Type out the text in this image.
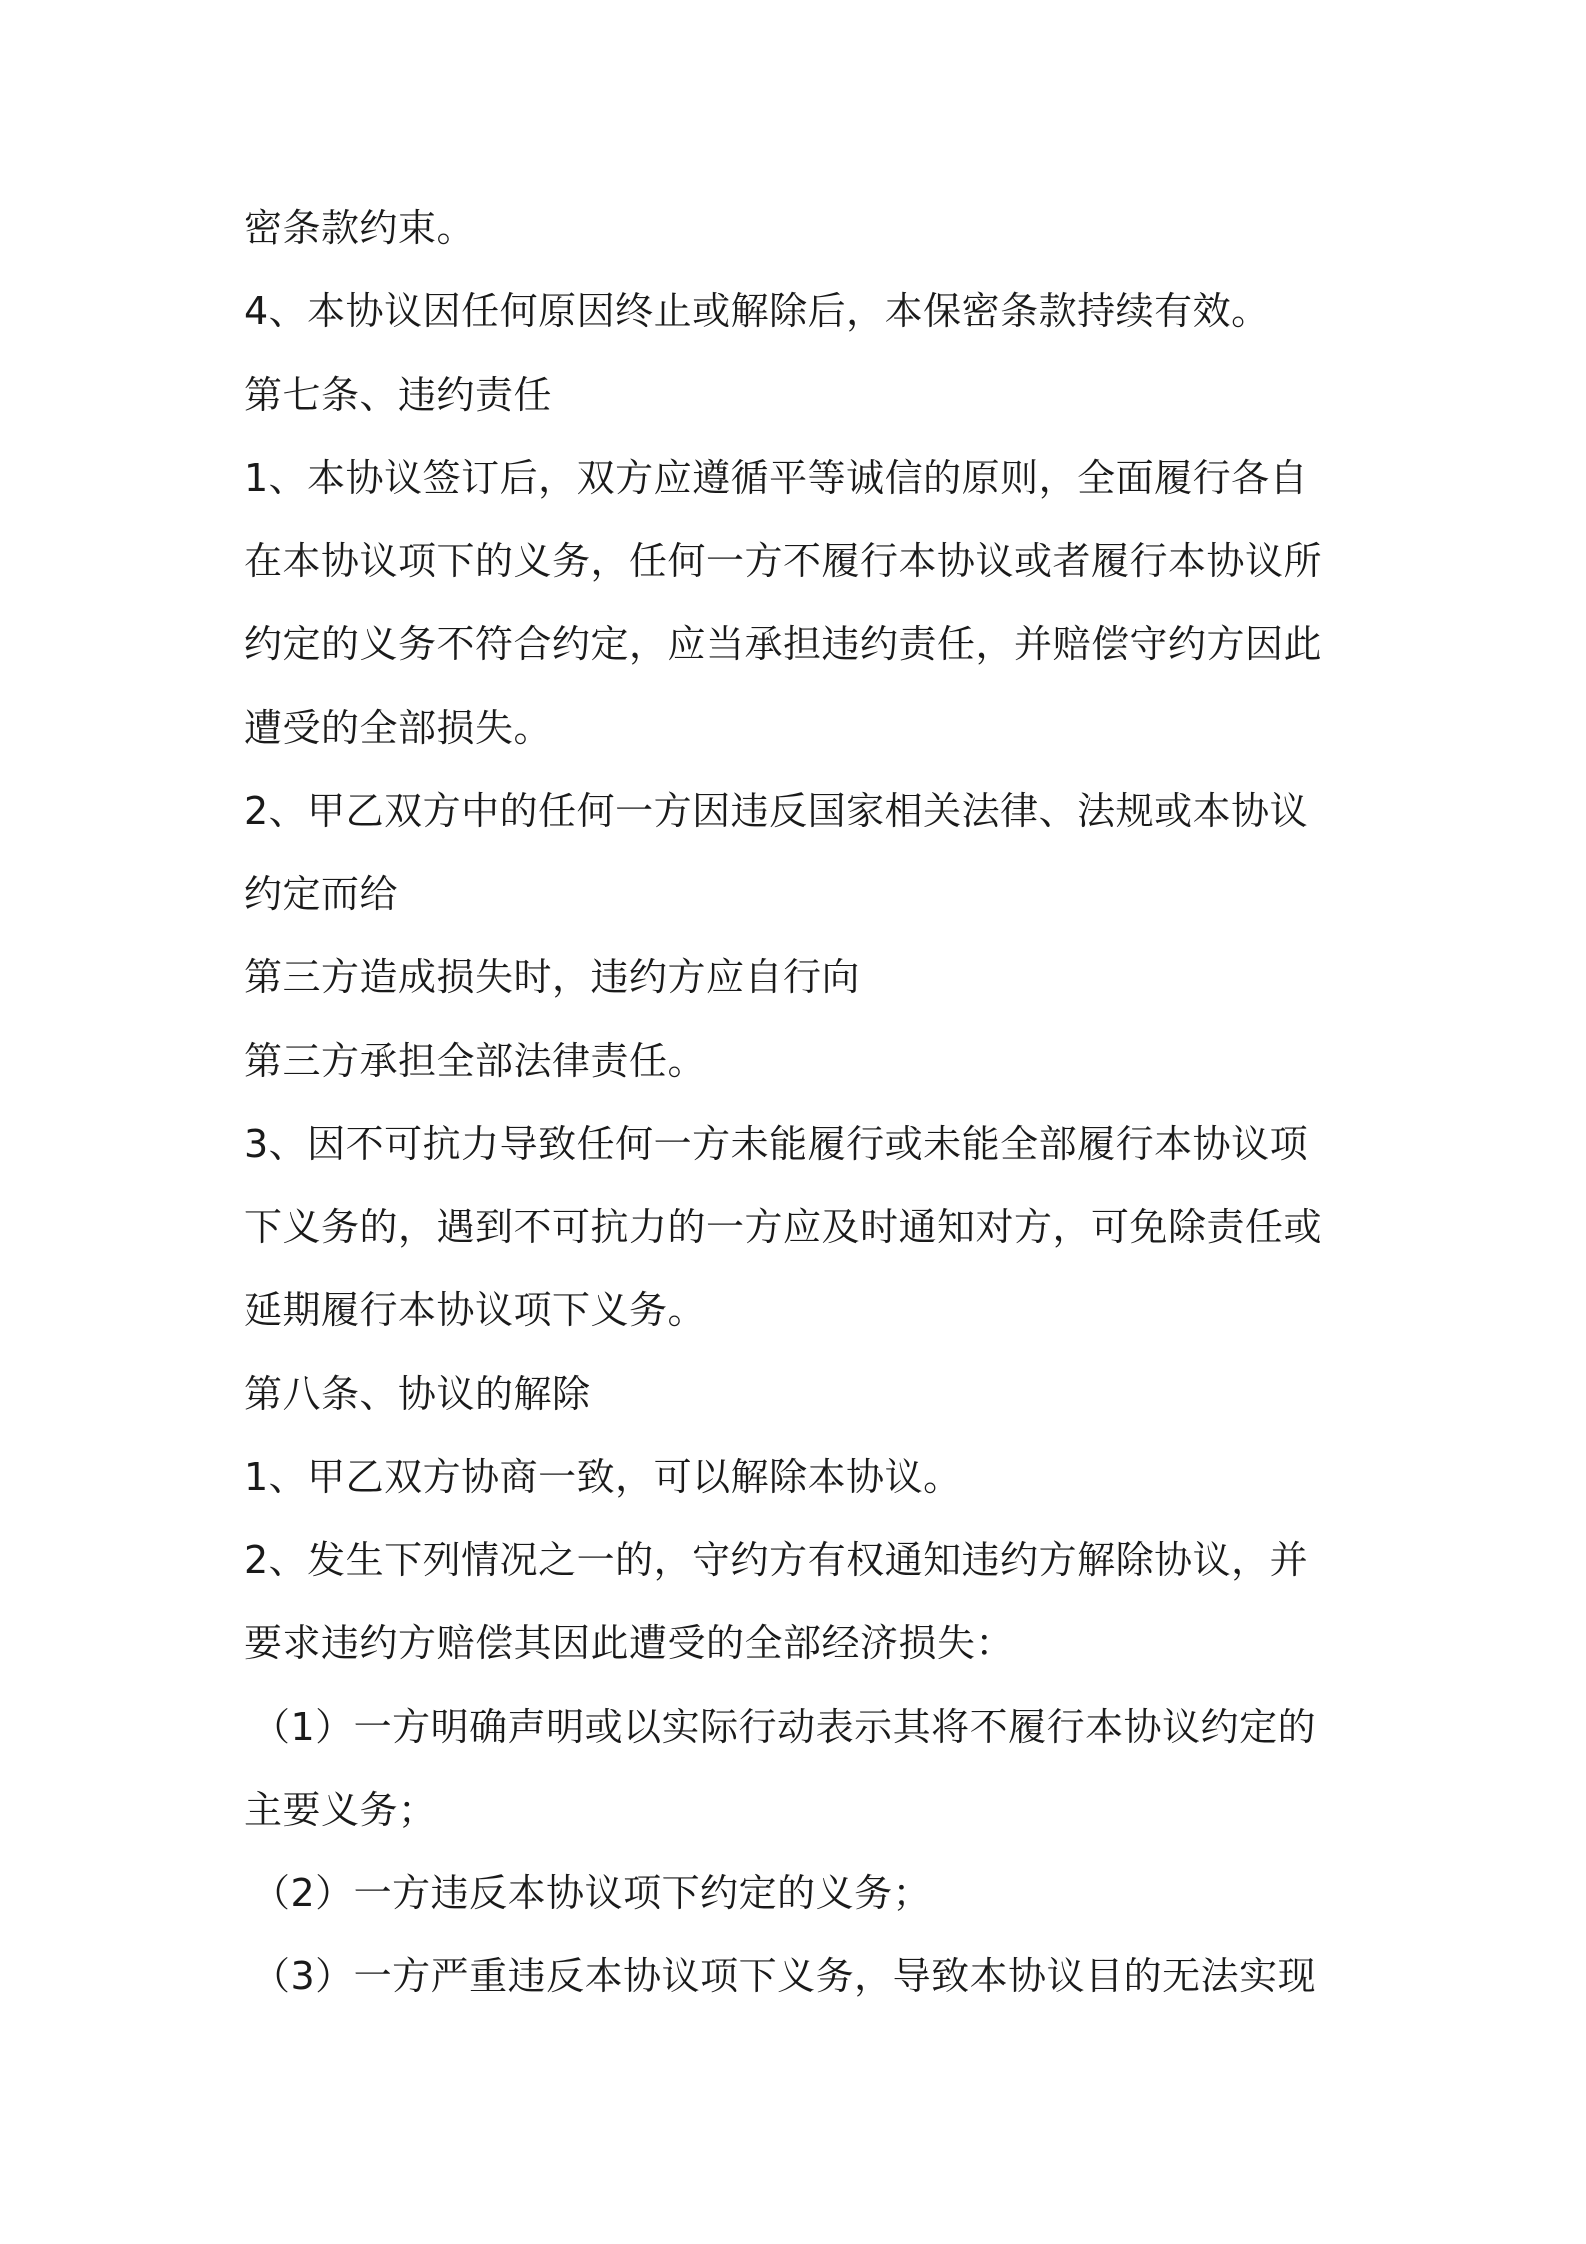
密条款约束。

4、本协议因任何原因终止或解除后，本保密条款持续有效。

第七条、违约责任

1、本协议签订后，双方应遵循平等诚信的原则，全面履行各自

在本协议项下的义务，任何一方不履行本协议或者履行本协议所

约定的义务不符合约定，应当承担违约责任，并赔偿守约方因此

遭受的全部损失。

2、甲乙双方中的任何一方因违反国家相关法律、法规或本协议

约定而给

第三方造成损失时，违约方应自行向

第三方承担全部法律责任。

3、因不可抗力导致任何一方未能履行或未能全部履行本协议项

下义务的，遇到不可抗力的一方应及时通知对方，可免除责任或

延期履行本协议项下义务。

第八条、协议的解除

1、甲乙双方协商一致，可以解除本协议。

2、发生下列情况之一的，守约方有权通知违约方解除协议，并

要求违约方赔偿其因此遭受的全部经济损失：

（1）一方明确声明或以实际行动表示其将不履行本协议约定的

主要义务；

（2）一方违反本协议项下约定的义务；

（3）一方严重违反本协议项下义务，导致本协议目的无法实现
